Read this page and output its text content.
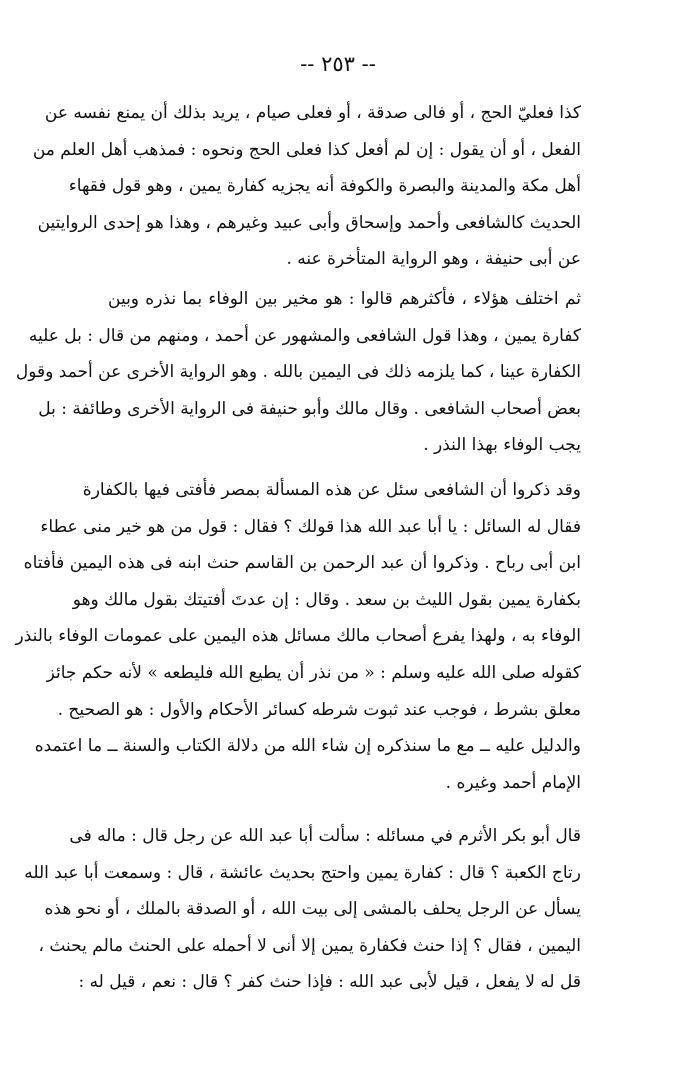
-- ٢٥٣ --
كذا فعليّ الحج ، أو فالى صدقة ، أو فعلى صيام ، يريد بذلك أن يمنع نفسه عن
الفعل ، أو أن يقول : إن لم أفعل كذا فعلى الحج ونحوه : فمذهب أهل العلم من
أهل مكة والمدينة والبصرة والكوفة أنه يجزيه كفارة يمين ، وهو قول فقهاء
الحديث كالشافعى وأحمد وإسحاق وأبى عبيد وغيرهم ، وهذا هو إحدى الروايتين
عن أبى حنيفة ، وهو الرواية المتأخرة عنه .
ثم اختلف هؤلاء ، فأكثرهم قالوا : هو مخير بين الوفاء بما نذره وبين
كفارة يمين ، وهذا قول الشافعى والمشهور عن أحمد ، ومنهم من قال : بل عليه
الكفارة عينا ، كما يلزمه ذلك فى اليمين بالله . وهو الرواية الأخرى عن أحمد وقول
بعض أصحاب الشافعى . وقال مالك وأبو حنيفة فى الرواية الأخرى وطائفة : بل
يجب الوفاء بهذا النذر .
وقد ذكروا أن الشافعى سئل عن هذه المسألة بمصر فأفتى فيها بالكفارة
فقال له السائل : يا أبا عبد الله هذا قولك ؟ فقال : قول من هو خير منى عطاء
ابن أبى رباح . وذكروا أن عبد الرحمن بن القاسم حنث ابنه فى هذه اليمين فأفتاه
بكفارة يمين بقول الليث بن سعد . وقال : إن عدتَ أفتيتك بقول مالك وهو
الوفاء به ، ولهذا يفرع أصحاب مالك مسائل هذه اليمين على عمومات الوفاء بالنذر
كقوله صلى الله عليه وسلم : « من نذر أن يطيع الله فليطعه » لأنه حكم جائز
معلق بشرط ، فوجب عند ثبوت شرطه كسائر الأحكام والأول : هو الصحيح .
والدليل عليه ــ مع ما سنذكره إن شاء الله من دلالة الكتاب والسنة ــ ما اعتمده
الإمام أحمد وغيره .
قال أبو بكر الأثرم في مسائله : سألت أبا عبد الله عن رجل قال : ماله فى
رتاج الكعبة ؟ قال : كفارة يمين واحتج بحديث عائشة ، قال : وسمعت أبا عبد الله
يسأل عن الرجل يحلف بالمشى إلى بيت الله ، أو الصدقة بالملك ، أو نحو هذه
اليمين ، فقال ؟ إذا حنث فكفارة يمين إلا أنى لا أحمله على الحنث مالم يحنث ،
قل له لا يفعل ، قيل لأبى عبد الله : فإذا حنث كفر ؟ قال : نعم ، قيل له :
